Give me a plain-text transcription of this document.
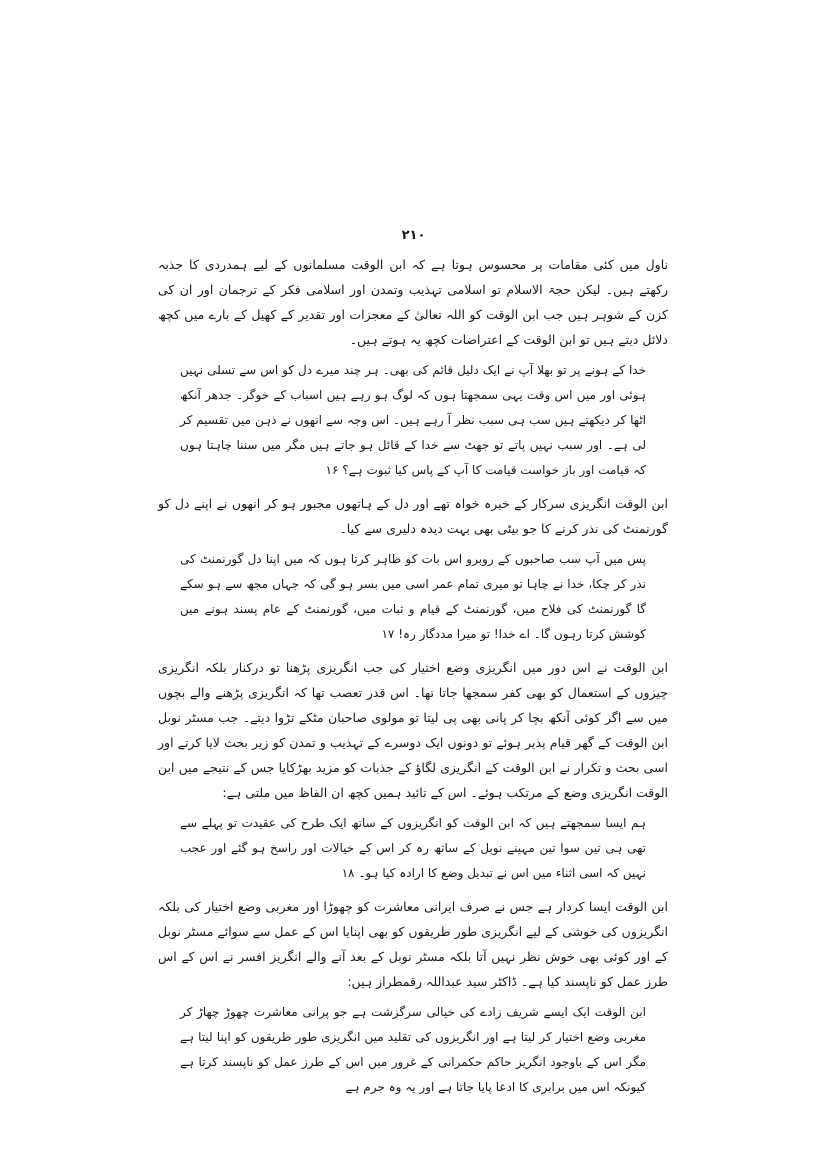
۲۱۰

ناول میں کئی مقامات پر محسوس ہوتا ہے کہ ابن الوقت مسلمانوں کے لیے ہمدردی کا جذبہ رکھتے ہیں۔ لیکن حجۃ الاسلام تو اسلامی تہذیب وتمدن اور اسلامی فکر کے ترجمان اور ان کی کزن کے شوہر ہیں جب ابن الوقت کو اللہ تعالیٰ کے معجزات اور تقدیر کے کھیل کے بارے میں کچھ دلائل دیتے ہیں تو ابن الوقت کے اعتراضات کچھ یہ ہوتے ہیں۔

خدا کے ہونے پر تو بھلا آپ نے ایک دلیل قائم کی بھی۔ ہر چند میرے دل کو اس سے تسلی نہیں ہوئی اور میں اس وقت یہی سمجھتا ہوں کہ لوگ ہو رہے ہیں اسباب کے خوگر۔ جدھر آنکھ اٹھا کر دیکھتے ہیں سب ہی سبب نظر آ رہے ہیں۔ اس وجہ سے انھوں نے ذہن میں تقسیم کر لی ہے۔ اور سبب نہیں پاتے تو جھٹ سے خدا کے قائل ہو جاتے ہیں مگر میں سننا چاہتا ہوں کہ قیامت اور باز خواست قیامت کا آپ کے پاس کیا ثبوت ہے؟ ۱۶

ابن الوقت انگریزی سرکار کے خیرہ خواہ تھے اور دل کے ہاتھوں مجبور ہو کر انھوں نے اپنے دل کو گورنمنٹ کی نذر کرنے کا جو بیٹی بھی بہت دیدہ دلیری سے کیا۔

پس میں آپ سب صاحبوں کے روبرو اس بات کو ظاہر کرتا ہوں کہ میں اپنا دل گورنمنٹ کی نذر کر چکا، خدا نے چاہا تو میری تمام عمر اسی میں بسر ہو گی کہ جہاں مجھ سے ہو سکے گا گورنمنٹ کی فلاح میں، گورنمنٹ کے قیام و ثبات میں، گورنمنٹ کے عام پسند ہونے میں کوشش کرتا رہوں گا۔ اے خدا! تو میرا مددگار رہ! ۱۷

ابن الوقت نے اس دور میں انگریزی وضع اختیار کی جب انگریزی پڑھنا تو درکنار بلکہ انگریزی چیزوں کے استعمال کو بھی کفر سمجھا جاتا تھا۔ اس قدر تعصب تھا کہ انگریزی پڑھنے والے بچوں میں سے اگر کوئی آنکھ بچا کر پانی بھی پی لیتا تو مولوی صاحبان مٹکے تڑوا دیتے۔ جب مسٹر نوبل ابن الوقت کے گھر قیام پذیر ہوئے تو دونوں ایک دوسرے کے تہذیب و تمدن کو زیر بحث لایا کرتے اور اسی بحث و تکرار نے ابن الوقت کے انگریزی لگاؤ کے جذبات کو مزید بھڑکایا جس کے نتیجے میں ابن الوقت انگریزی وضع کے مرتکب ہوئے۔ اس کے تائید ہمیں کچھ ان الفاظ میں ملتی ہے:

ہم ایسا سمجھتے ہیں کہ ابن الوقت کو انگریزوں کے ساتھ ایک طرح کی عقیدت تو پہلے سے تھی ہی تین سوا تین مہینے نوبل کے ساتھ رہ کر اس کے خیالات اور راسخ ہو گئے اور عجب نہیں کہ اسی اثناء میں اس نے تبدیل وضع کا ارادہ کیا ہو۔ ۱۸

ابن الوقت ایسا کردار ہے جس نے صرف ایرانی معاشرت کو چھوڑا اور مغربی وضع اختیار کی بلکہ انگریزوں کی خوشی کے لیے انگریزی طور طریقوں کو بھی اپنایا اس کے عمل سے سوائے مسٹر نوبل کے اور کوئی بھی خوش نظر نہیں آتا بلکہ مسٹر نوبل کے بعد آنے والے انگریز افسر نے اس کے اس طرز عمل کو ناپسند کیا ہے۔ ڈاکٹر سید عبداللہ رقمطراز ہیں:

ابن الوقت ایک ایسے شریف زادے کی خیالی سرگزشت ہے جو پرانی معاشرت چھوڑ چھاڑ کر مغربی وضع اختیار کر لیتا ہے اور انگریزوں کی تقلید میں انگریزی طور طریقوں کو اپنا لیتا ہے مگر اس کے باوجود انگریز حاکم حکمرانی کے غرور میں اس کے طرز عمل کو ناپسند کرتا ہے کیونکہ اس میں برابری کا ادعا پایا جاتا ہے اور یہ وہ جرم ہے
